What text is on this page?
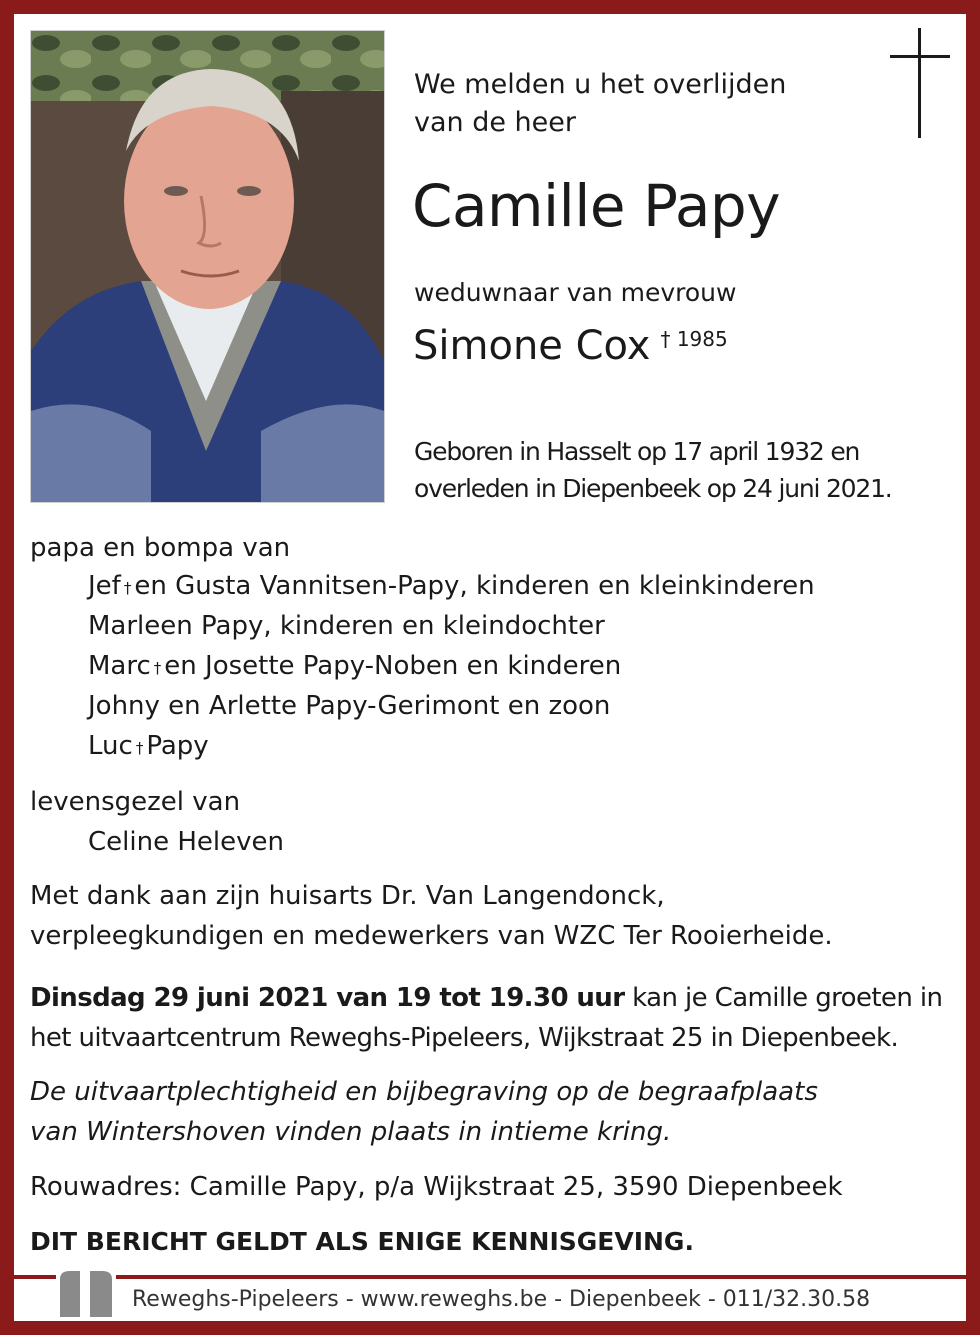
We melden u het overlijden
van de heer
Camille Papy
weduwnaar van mevrouw
Simone Cox $^{\dagger 1985}$
Geboren in Hasselt op 17 april 1932 en
overleden in Diepenbeek op 24 juni 2021.
papa en bompa van
Jef † en Gusta Vannitsen-Papy, kinderen en kleinkinderen
Marleen Papy, kinderen en kleindochter
Marc † en Josette Papy-Noben en kinderen
Johny en Arlette Papy-Gerimont en zoon
Luc † Papy
levensgezel van
Celine Heleven
Met dank aan zijn huisarts Dr. Van Langendonck,
verpleegkundigen en medewerkers van WZC Ter Rooierheide.
Dinsdag 29 juni 2021 van 19 tot 19.30 uur kan je Camille groeten in
het uitvaartcentrum Reweghs-Pipeleers, Wijkstraat 25 in Diepenbeek.
De uitvaartplechtigheid en bijbegraving op de begraafplaats
van Wintershoven vinden plaats in intieme kring.
Rouwadres: Camille Papy, p/a Wijkstraat 25, 3590 Diepenbeek
DIT BERICHT GELDT ALS ENIGE KENNISGEVING.
Reweghs-Pipeleers - www.reweghs.be - Diepenbeek - 011/32.30.58
